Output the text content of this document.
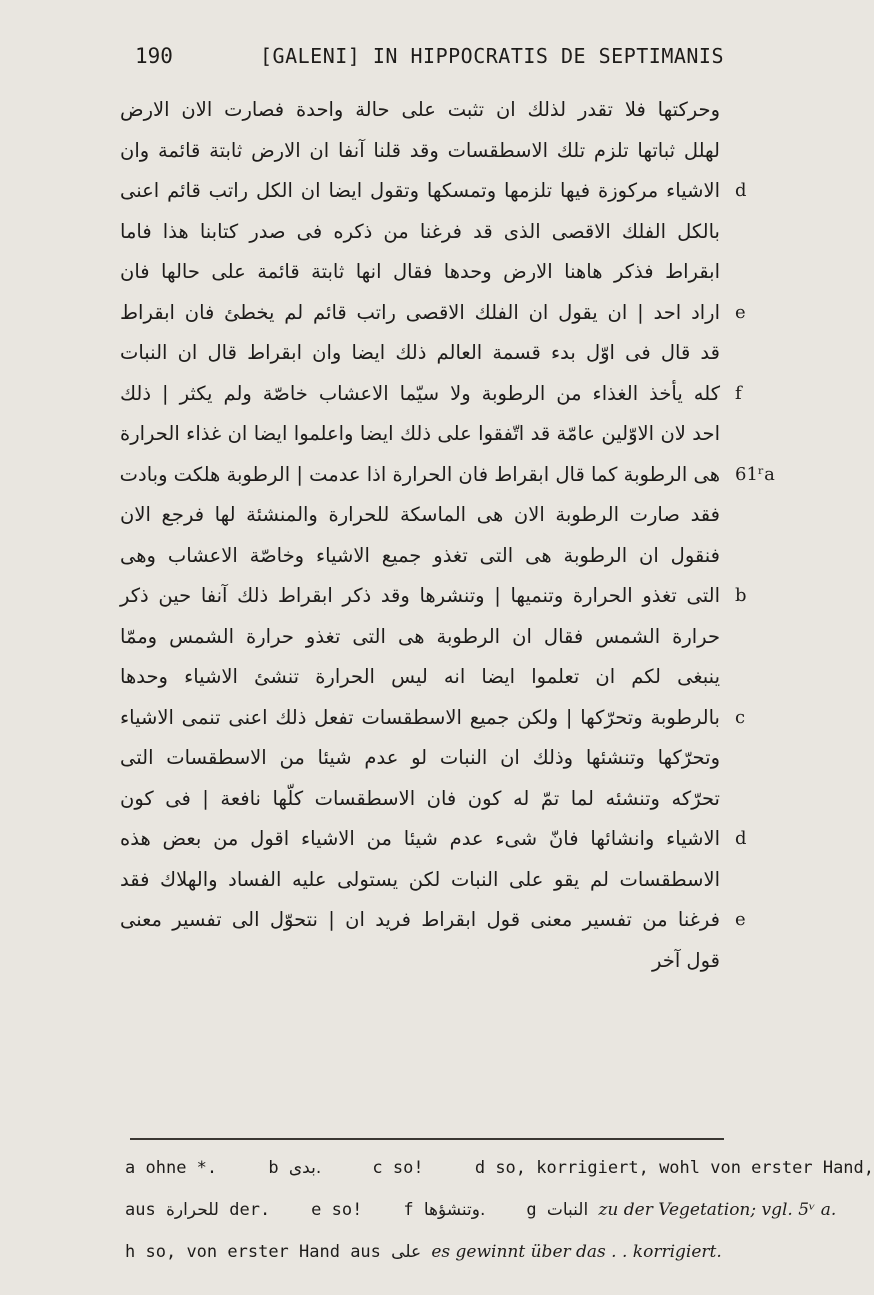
190	[GALENI] IN HIPPOCRATIS DE SEPTIMANIS
وحركتها فلا تقدر لذلك ان تثبت على حالة واحدة فصارت الان الارض
لهلل ثباتها تلزم تلك الاسطقسات وقد قلنا آنفا ان الارض ثابتة قائمة وان
الاشياء مركوزة فيها تلزمها وتمسكها وتقول ايضا ان الكل راتب قائم اعنى d
بالكل الفلك الاقصى الذى قد فرغنا من ذكره فى صدر كتابنا هذا فاما
ابقراط فذكر هاهنا الارض وحدها فقال انها ثابتة قائمة على حالها فان
اراد احد | ان يقول ان الفلك الاقصى راتب قائم لم يخطئ فان ابقراط e
قد قال فى اوّل بدء قسمة العالم ذلك ايضا وان ابقراط قال ان النبات
كله يأخذ الغذاء من الرطوبة ولا سيّما الاعشاب خاصّة ولم يكثر | ذلك f
احد لان الاوّلين عامّة قد اتّفقوا على ذلك ايضا واعلموا ايضا ان غذاء الحرارة
هى الرطوبة كما قال ابقراط فان الحرارة اذا عدمت | الرطوبة هلكت وبادت 61ʳa
فقد صارت الرطوبة الان هى الماسكة للحرارة والمنشئة لها فرجع الان
فنقول ان الرطوبة هى التى تغذو جميع الاشياء وخاصّة الاعشاب وهى
التى تغذو الحرارة وتنميها | وتنشرها وقد ذكر ابقراط ذلك آنفا حين ذكر b
حرارة الشمس فقال ان الرطوبة هى التى تغذو حرارة الشمس وممّا
ينبغى لكم ان تعلموا ايضا انه ليس الحرارة تنشئ الاشياء وحدها
بالرطوبة وتحرّكها | ولكن جميع الاسطقسات تفعل ذلك اعنى تنمى الاشياء c
وتحرّكها وتنشئها وذلك ان النبات لو عدم شيئا من الاسطقسات التى
تحرّكه وتنشئه لما تمّ له كون فان الاسطقسات كلّها نافعة | فى كون
الاشياء وانشائها فانّ شىء عدم شيئا من الاشياء اقول من بعض هذه d
الاسطقسات لم يقو على النبات لكن يستولى عليه الفساد والهلاك فقد
فرغنا من تفسير معنى قول ابقراط فريد ان | نتحوّل الى تفسير معنى e
قول آخر
a ohne *.	b بدى.	c so!	d so, korrigiert, wohl von erster Hand,
aus للحرارة der. e so! f وتنشؤها. g النبات zu der Vegetation; vgl. 5ᵛ a.
h so, von erster Hand aus على es gewinnt über das . . korrigiert.
